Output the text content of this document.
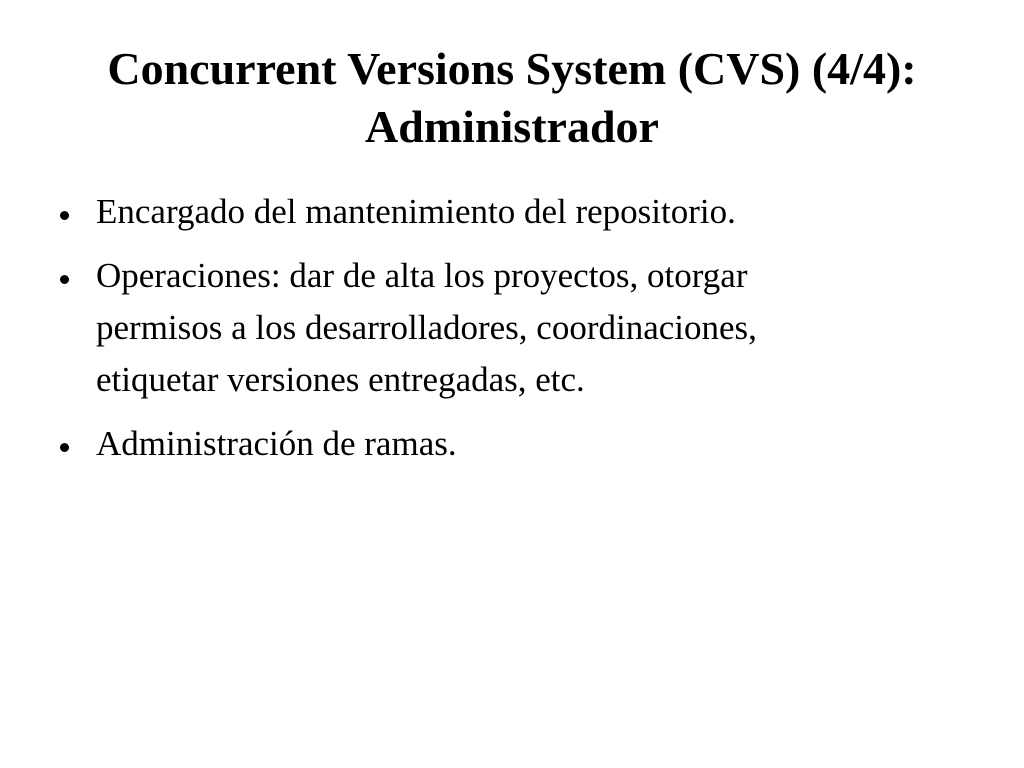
Concurrent Versions System (CVS) (4/4):
Administrador
Encargado del mantenimiento del repositorio.
Operaciones: dar de alta los proyectos, otorgar
permisos a los desarrolladores, coordinaciones,
etiquetar versiones entregadas, etc.
Administración de ramas.
